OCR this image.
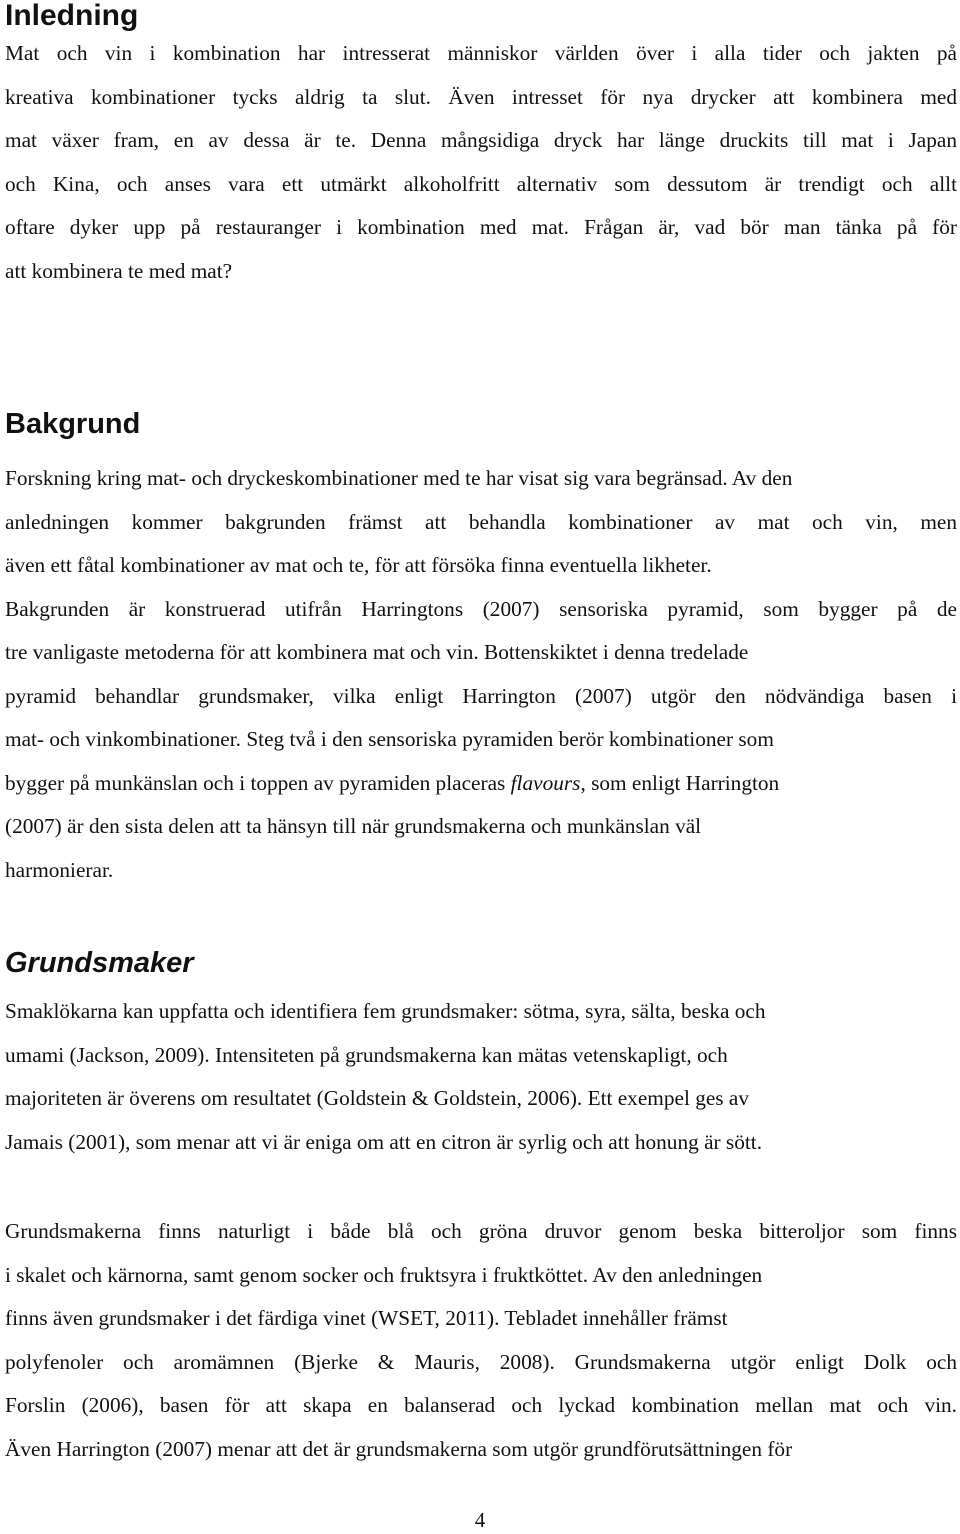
Inledning

Mat och vin i kombination har intresserat människor världen över i alla tider och jakten på
kreativa kombinationer tycks aldrig ta slut. Även intresset för nya drycker att kombinera med
mat växer fram, en av dessa är te. Denna mångsidiga dryck har länge druckits till mat i Japan
och Kina, och anses vara ett utmärkt alkoholfritt alternativ som dessutom är trendigt och allt
oftare dyker upp på restauranger i kombination med mat. Frågan är, vad bör man tänka på för
att kombinera te med mat?

Bakgrund

Forskning kring mat- och dryckeskombinationer med te har visat sig vara begränsad. Av den
anledningen kommer bakgrunden främst att behandla kombinationer av mat och vin, men
även ett fåtal kombinationer av mat och te, för att försöka finna eventuella likheter.
Bakgrunden är konstruerad utifrån Harringtons (2007) sensoriska pyramid, som bygger på de
tre vanligaste metoderna för att kombinera mat och vin. Bottenskiktet i denna tredelade
pyramid behandlar grundsmaker, vilka enligt Harrington (2007) utgör den nödvändiga basen i
mat- och vinkombinationer. Steg två i den sensoriska pyramiden berör kombinationer som
bygger på munkänslan och i toppen av pyramiden placeras flavours, som enligt Harrington
(2007) är den sista delen att ta hänsyn till när grundsmakerna och munkänslan väl
harmonierar.

Grundsmaker

Smaklökarna kan uppfatta och identifiera fem grundsmaker: sötma, syra, sälta, beska och
umami (Jackson, 2009). Intensiteten på grundsmakerna kan mätas vetenskapligt, och
majoriteten är överens om resultatet (Goldstein & Goldstein, 2006). Ett exempel ges av
Jamais (2001), som menar att vi är eniga om att en citron är syrlig och att honung är sött.

Grundsmakerna finns naturligt i både blå och gröna druvor genom beska bitteroljor som finns
i skalet och kärnorna, samt genom socker och fruktsyra i fruktköttet. Av den anledningen
finns även grundsmaker i det färdiga vinet (WSET, 2011). Tebladet innehåller främst
polyfenoler och aromämnen (Bjerke & Mauris, 2008). Grundsmakerna utgör enligt Dolk och
Forslin (2006), basen för att skapa en balanserad och lyckad kombination mellan mat och vin.
Även Harrington (2007) menar att det är grundsmakerna som utgör grundförutsättningen för

4
